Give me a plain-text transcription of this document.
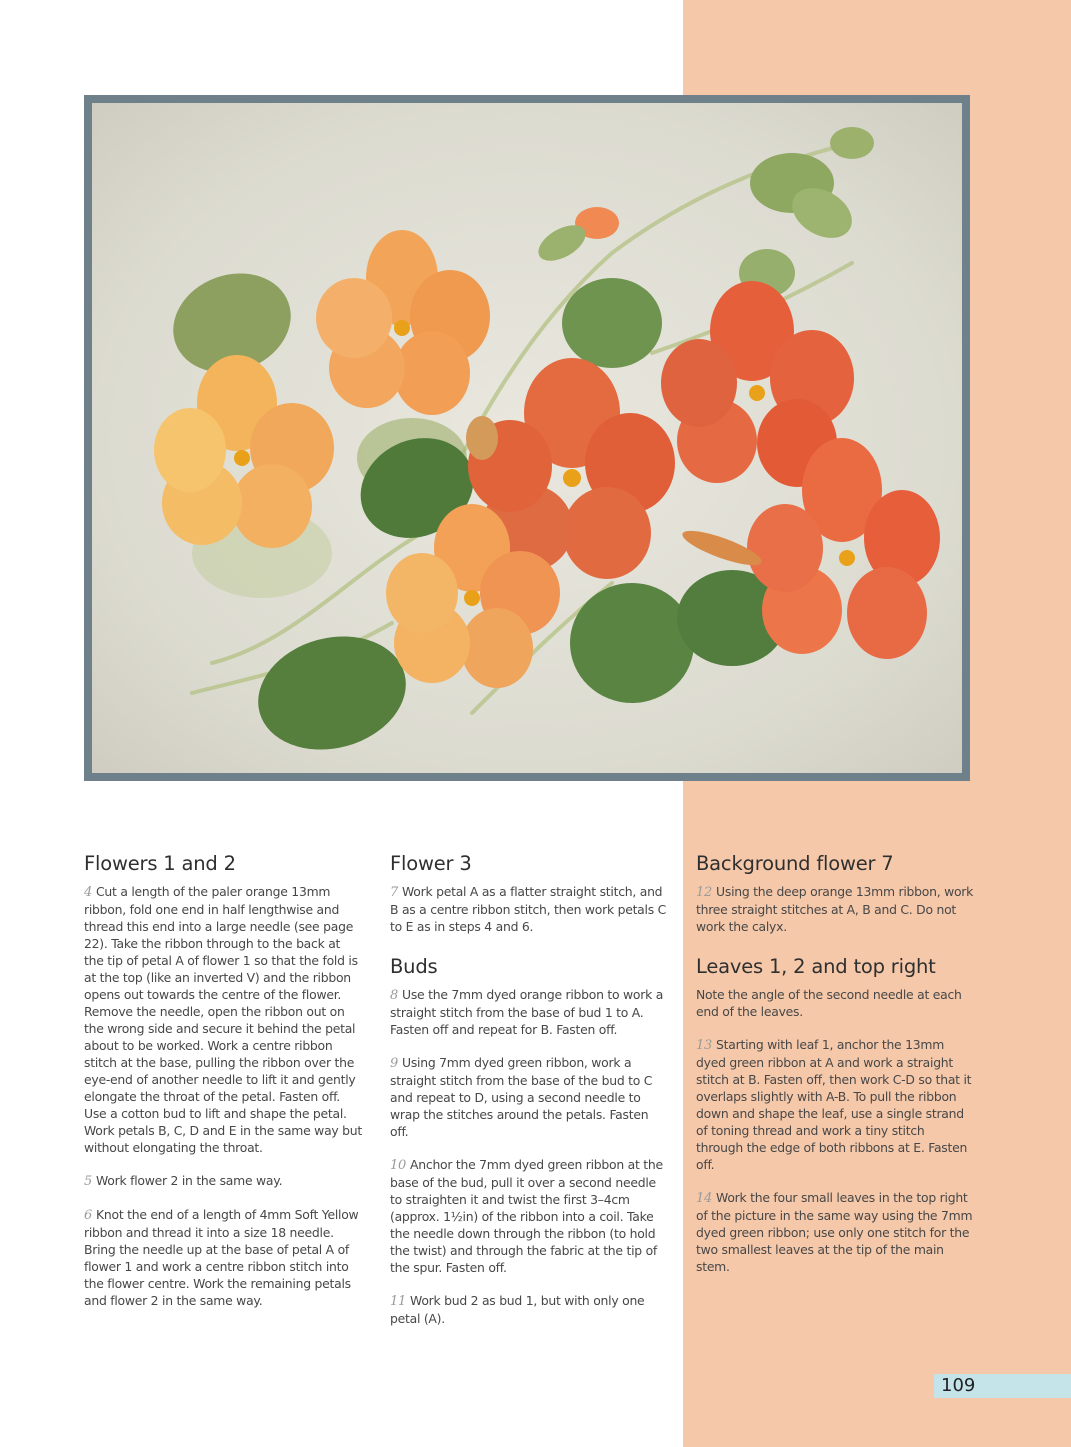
Flowers 1 and 2

4 Cut a length of the paler orange 13mm ribbon, fold one end in half lengthwise and thread this end into a large needle (see page 22). Take the ribbon through to the back at the tip of petal A of flower 1 so that the fold is at the top (like an inverted V) and the ribbon opens out towards the centre of the flower. Remove the needle, open the ribbon out on the wrong side and secure it behind the petal about to be worked. Work a centre ribbon stitch at the base, pulling the ribbon over the eye-end of another needle to lift it and gently elongate the throat of the petal. Fasten off. Use a cotton bud to lift and shape the petal. Work petals B, C, D and E in the same way but without elongating the throat.

5 Work flower 2 in the same way.

6 Knot the end of a length of 4mm Soft Yellow ribbon and thread it into a size 18 needle. Bring the needle up at the base of petal A of flower 1 and work a centre ribbon stitch into the flower centre. Work the remaining petals and flower 2 in the same way.

Flower 3

7 Work petal A as a flatter straight stitch, and B as a centre ribbon stitch, then work petals C to E as in steps 4 and 6.

Buds

8 Use the 7mm dyed orange ribbon to work a straight stitch from the base of bud 1 to A. Fasten off and repeat for B. Fasten off.

9 Using 7mm dyed green ribbon, work a straight stitch from the base of the bud to C and repeat to D, using a second needle to wrap the stitches around the petals. Fasten off.

10 Anchor the 7mm dyed green ribbon at the base of the bud, pull it over a second needle to straighten it and twist the first 3–4cm (approx. 1½in) of the ribbon into a coil. Take the needle down through the ribbon (to hold the twist) and through the fabric at the tip of the spur. Fasten off.

11 Work bud 2 as bud 1, but with only one petal (A).

Background flower 7

12 Using the deep orange 13mm ribbon, work three straight stitches at A, B and C. Do not work the calyx.

Leaves 1, 2 and top right

Note the angle of the second needle at each end of the leaves.

13 Starting with leaf 1, anchor the 13mm dyed green ribbon at A and work a straight stitch at B. Fasten off, then work C-D so that it overlaps slightly with A-B. To pull the ribbon down and shape the leaf, use a single strand of toning thread and work a tiny stitch through the edge of both ribbons at E. Fasten off.

14 Work the four small leaves in the top right of the picture in the same way using the 7mm dyed green ribbon; use only one stitch for the two smallest leaves at the tip of the main stem.

109
